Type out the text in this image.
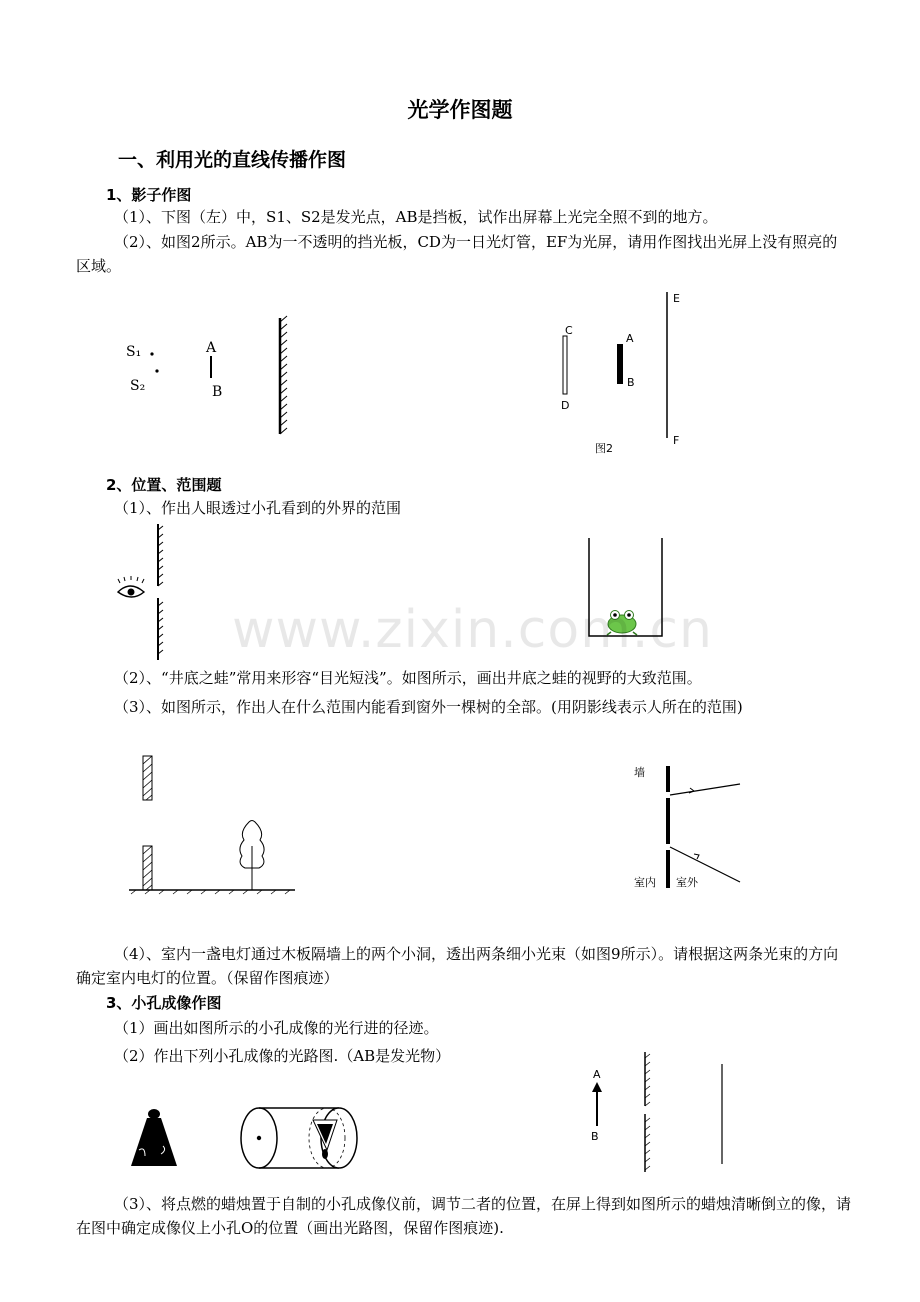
光学作图题
一、利用光的直线传播作图
1、影子作图
（1）、下图（左）中，S1、S2是发光点，AB是挡板，试作出屏幕上光完全照不到的地方。
（2）、如图2所示。AB为一不透明的挡光板，CD为一日光灯管，EF为光屏，请用作图找出光屏上没有照亮的区域。
S₁
S₂
A
B
C
D
A
B
E
F
图2
2、位置、范围题
（1）、作出人眼透过小孔看到的外界的范围
（2）、“井底之蛙”常用来形容“目光短浅”。如图所示，画出井底之蛙的视野的大致范围。
（3）、如图所示，作出人在什么范围内能看到窗外一棵树的全部。(用阴影线表示人所在的范围)
墙
室内 室外
（4）、室内一盏电灯通过木板隔墙上的两个小洞，透出两条细小光束（如图9所示）。请根据这两条光束的方向确定室内电灯的位置。（保留作图痕迹）
3、小孔成像作图
（1）画出如图所示的小孔成像的光行进的径迹。
（2）作出下列小孔成像的光路图.（AB是发光物）
A
B
（3）、将点燃的蜡烛置于自制的小孔成像仪前，调节二者的位置，在屏上得到如图所示的蜡烛清晰倒立的像，请在图中确定成像仪上小孔O的位置（画出光路图，保留作图痕迹).
www.zixin.com.cn
